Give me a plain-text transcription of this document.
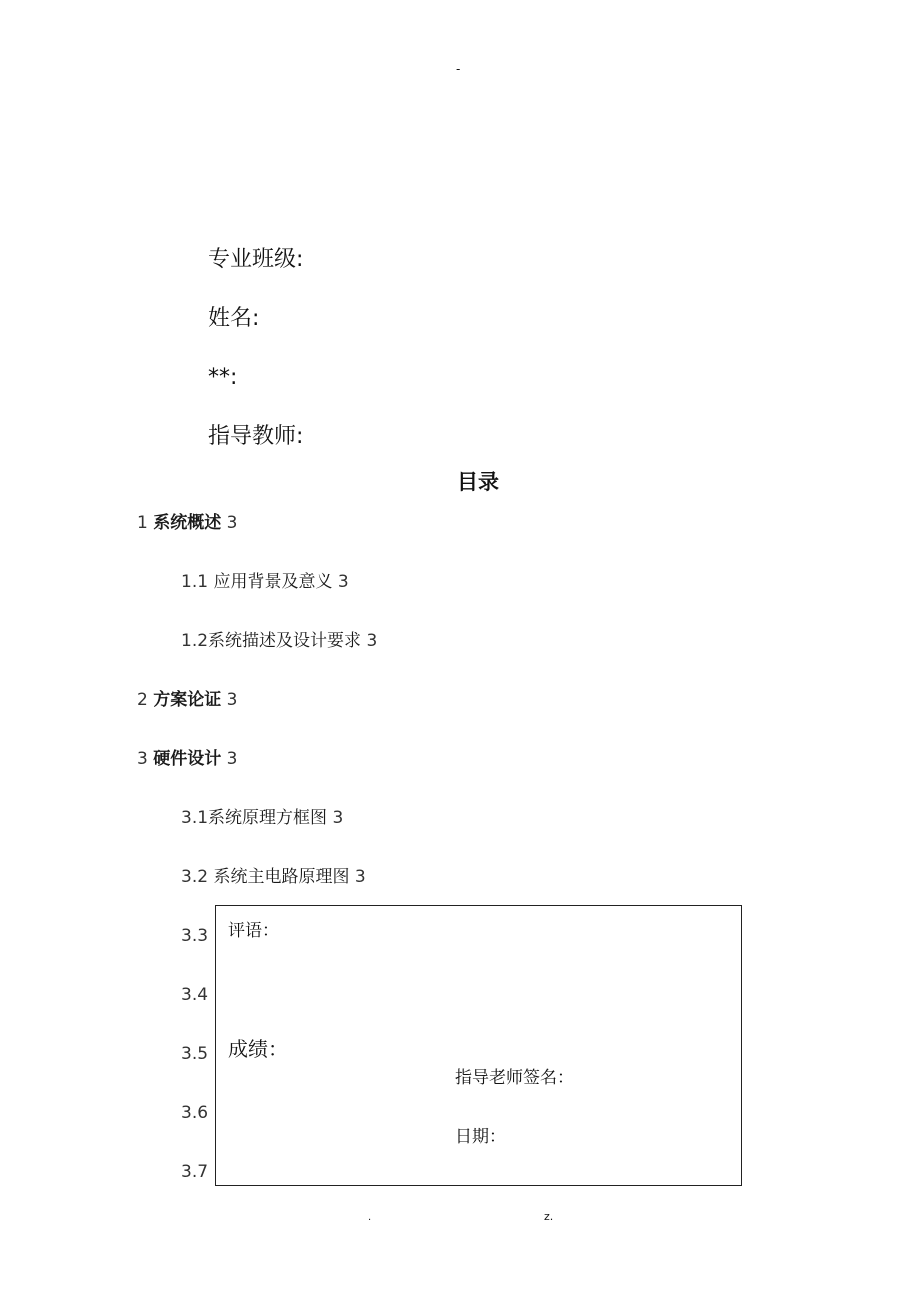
-
专业班级:
姓名:
**:
指导教师:
目录
1 系统概述 3
1.1 应用背景及意义 3
1.2系统描述及设计要求 3
2 方案论证 3
3 硬件设计 3
3.1系统原理方框图 3
3.2 系统主电路原理图 3
3.3
3.4
3.5
3.6
3.7
评语：
成绩：
指导老师签名：
日期：
.	z.
